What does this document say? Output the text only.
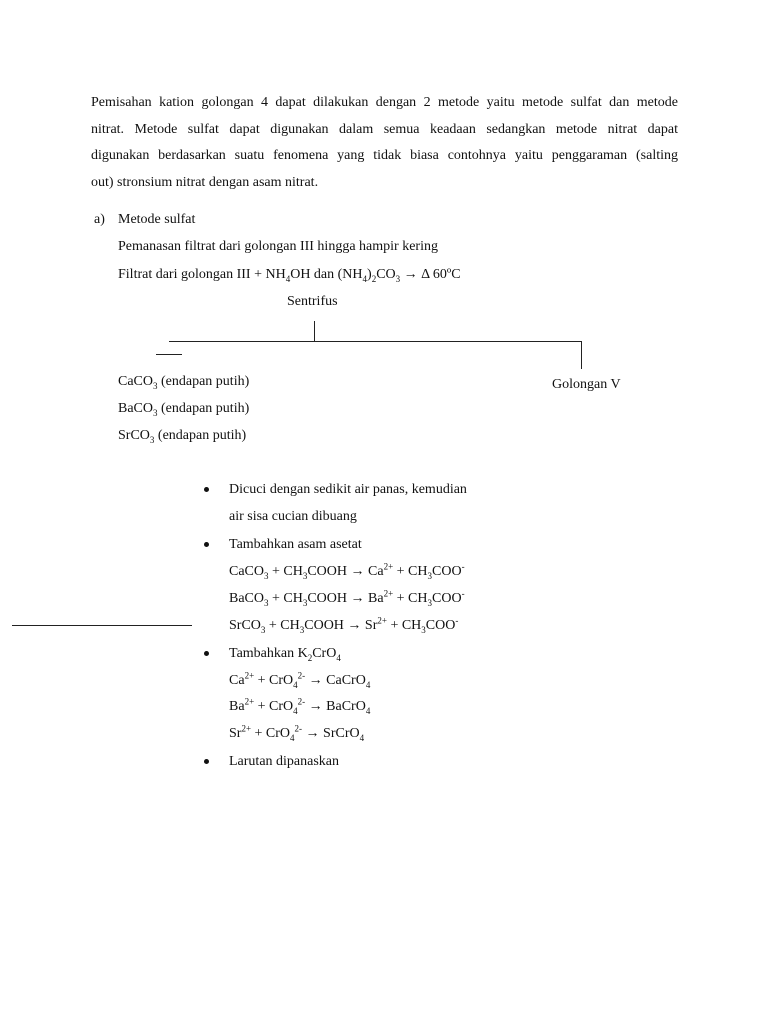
Pemisahan kation golongan 4 dapat dilakukan dengan 2 metode yaitu metode sulfat dan metode
nitrat. Metode sulfat dapat digunakan dalam semua keadaan sedangkan metode nitrat dapat
digunakan berdasarkan suatu fenomena yang tidak biasa contohnya yaitu penggaraman (salting
out) stronsium nitrat dengan asam nitrat.
a) Metode sulfat
Pemanasan filtrat dari golongan III hingga hampir kering
Filtrat dari golongan III + $NH_4OH$ dan $(NH_4)_2CO_3 \to \Delta$ 60ºC
Sentrifus
CaCO$_3$ (endapan putih)
BaCO$_3$ (endapan putih)
SrCO$_3$ (endapan putih)
Golongan V
Dicuci dengan sedikit air panas, kemudian
air sisa cucian dibuang
Tambahkan asam asetat
CaCO$_3$ + $CH_3COOH \to Ca^{2+} + CH_3COO^-$
BaCO$_3$ + $CH_3COOH \to Ba^{2+} + CH_3COO^-$
SrCO$_3$ + $CH_3COOH \to Sr^{2+} + CH_3COO^-$
Tambahkan $K_2CrO_4$
$Ca^{2+} + CrO_4^{2-}$ → CaCrO$_4$
$Ba^{2+} + CrO_4^{2-}$ → BaCrO$_4$
$Sr^{2+} + CrO_4^{2-}$ → SrCrO$_4$
Larutan dipanaskan
